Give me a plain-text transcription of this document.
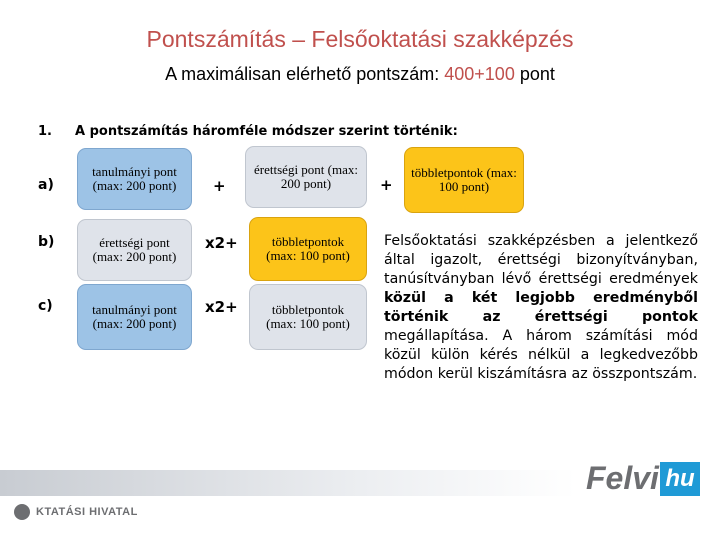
Pontszámítás – Felsőoktatási szakképzés
A maximálisan elérhető pontszám: 400+100 pont
1. A pontszámítás háromféle módszer szerint történik:
a)
tanulmányi pont (max: 200 pont)	+
érettségi pont (max: 200 pont)	+
többletpontok (max: 100 pont)
b)	érettségi pont (max: 200 pont)
x2+	többletpontok (max: 100 pont)
c)	tanulmányi pont (max: 200 pont)
x2+	többletpontok (max: 100 pont)
Felsőoktatási szakképzésben a jelentkező által igazolt, érettségi bizonyítványban, tanúsítványban lévő érettségi eredmények közül a két legjobb eredményből történik az érettségi pontok megállapítása. A három számítási mód közül külön kérés nélkül a legkedvezőbb módon kerül kiszámításra az összpontszám.
Felvi hu
KTATÁSI HIVATAL
